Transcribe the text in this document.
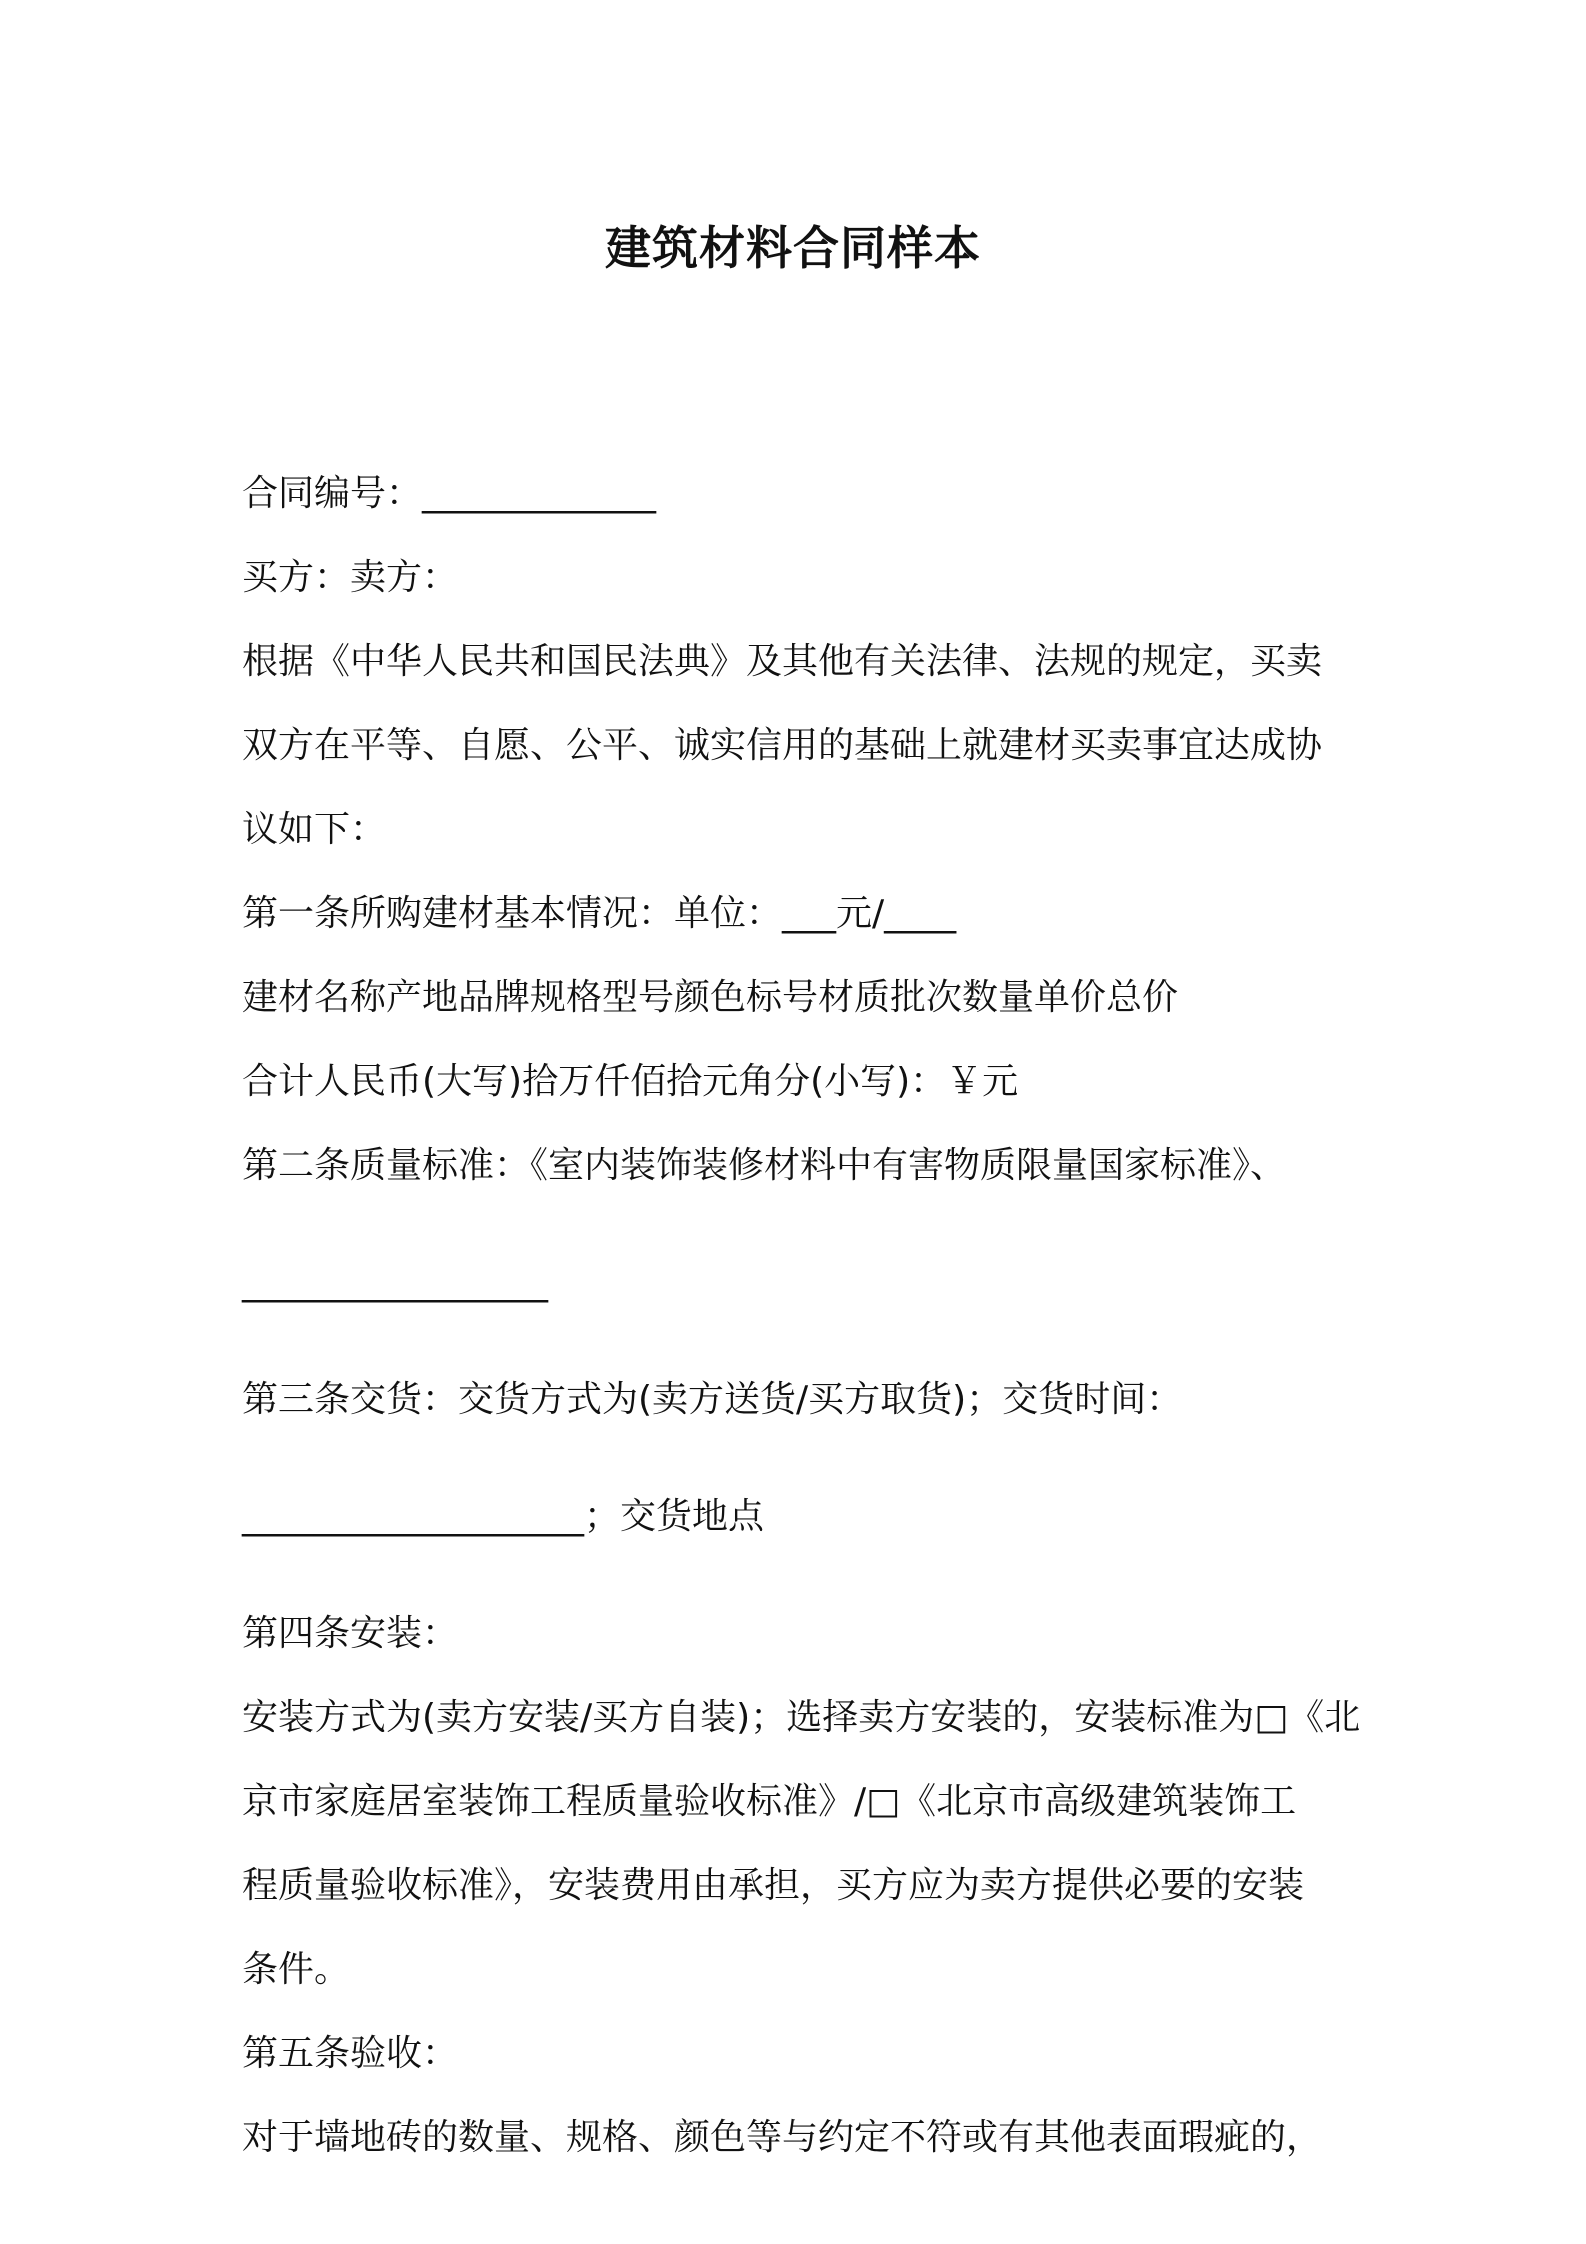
建筑材料合同样本
合同编号：_____________
买方：卖方：
根据《中华人民共和国民法典》及其他有关法律、法规的规定，买卖
双方在平等、自愿、公平、诚实信用的基础上就建材买卖事宜达成协
议如下：
第一条所购建材基本情况：单位：___元/____
建材名称产地品牌规格型号颜色标号材质批次数量单价总价
合计人民币(大写)拾万仟佰拾元角分(小写)：￥元
第二条质量标准：《室内装饰装修材料中有害物质限量国家标准》、
_________________
第三条交货：交货方式为(卖方送货/买方取货)；交货时间：
___________________；交货地点
第四条安装：
安装方式为(卖方安装/买方自装)；选择卖方安装的，安装标准为□《北
京市家庭居室装饰工程质量验收标准》/□《北京市高级建筑装饰工
程质量验收标准》，安装费用由承担，买方应为卖方提供必要的安装
条件。
第五条验收：
对于墙地砖的数量、规格、颜色等与约定不符或有其他表面瑕疵的，
